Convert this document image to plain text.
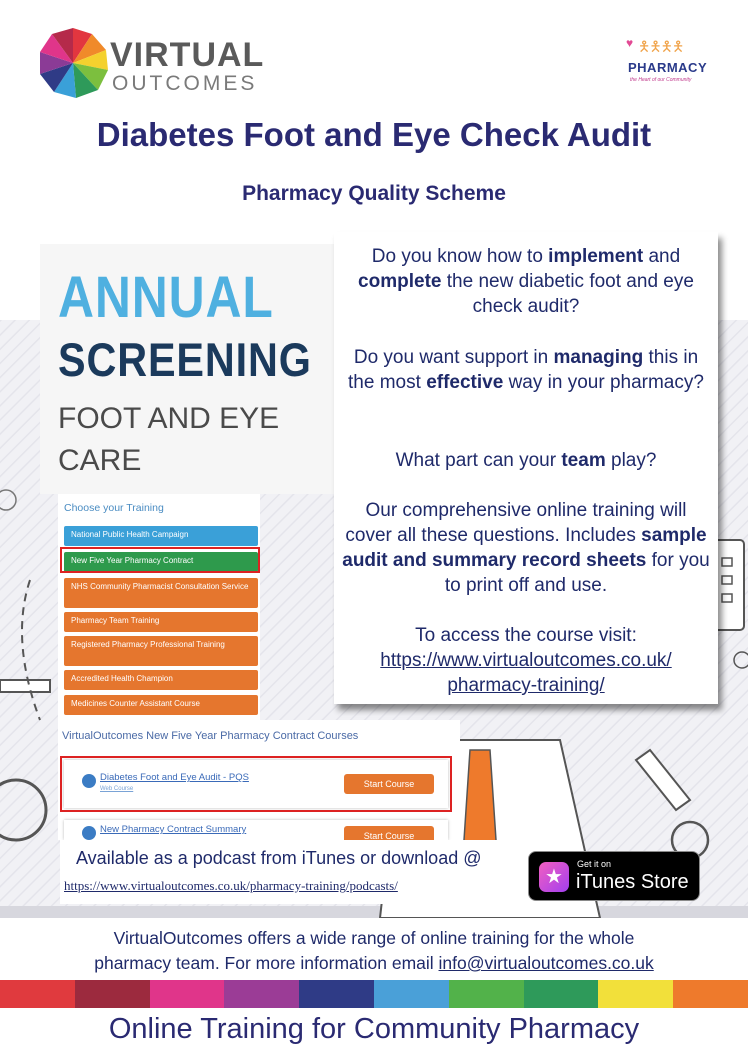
VIRTUAL
OUTCOMES
♥ 🯅🯅🯅🯅
PHARMACY
the Heart of our Community
Diabetes Foot and Eye Check Audit
Pharmacy Quality Scheme
ANNUAL
SCREENING
FOOT AND EYE
CARE
Choose your Training
National Public Health Campaign
New Five Year Pharmacy Contract
NHS Community Pharmacist Consultation Service
Pharmacy Team Training
Registered Pharmacy Professional Training
Accredited Health Champion
Medicines Counter Assistant Course
VirtualOutcomes New Five Year Pharmacy Contract Courses
Diabetes Foot and Eye Audit - PQS
Web Course	Start Course
New Pharmacy Contract Summary
Start Course

Do you know how to implement and complete the new diabetic foot and eye check audit?

Do you want support in managing this in the most effective way in your pharmacy?

What part can your team play?

Our comprehensive online training will cover all these questions. Includes sample audit and summary record sheets for you to print off and use.

To access the course visit:

https://www.virtualoutcomes.co.uk/ pharmacy-training/

Available as a podcast from iTunes or download @
https://www.virtualoutcomes.co.uk/pharmacy-training/podcasts/	★
Get it on
iTunes Store
VirtualOutcomes offers a wide range of online training for the whole
pharmacy team. For more information email info@virtualoutcomes.co.uk
Online Training for Community Pharmacy
